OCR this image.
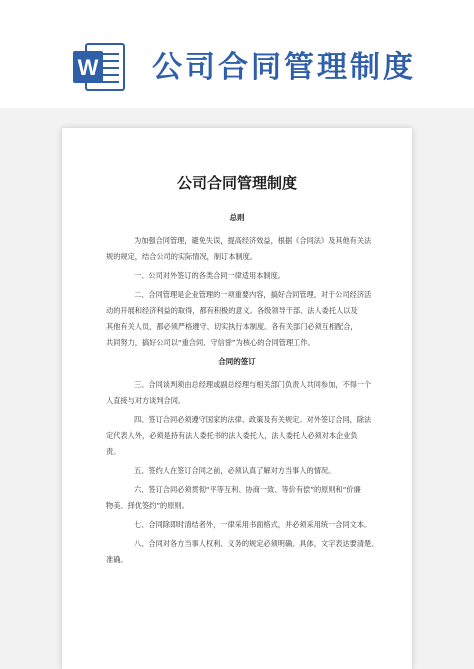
W 公司合同管理制度
公司合同管理制度
总则
为加强合同管理，避免失误，提高经济效益，根据《合同法》及其他有关法
规的规定，结合公司的实际情况，制订本制度。
一、公司对外签订的各类合同一律适用本制度。
二、合同管理是企业管理的一项重要内容，搞好合同管理，对于公司经济活
动的开展和经济利益的取得，都有积极的意义。各级领导干部、法人委托人以及
其他有关人员，都必须严格遵守、切实执行本制度。各有关部门必须互相配合，
共同努力，搞好公司以“重合同、守信誉”为核心的合同管理工作。
合同的签订
三、合同谈判须由总经理或副总经理与相关部门负责人共同参加，不得一个
人直接与对方谈判合同。
四、签订合同必须遵守国家的法律、政策及有关规定。对外签订合同，除法
定代表人外，必须是持有法人委托书的法人委托人，法人委托人必须对本企业负
责。
五、签约人在签订合同之前，必须认真了解对方当事人的情况。
六、签订合同必须贯彻“平等互利、协商一致、等价有偿”的原则和“价廉
物美、择优签约”的原则。
七、合同除即时清结者外，一律采用书面格式，并必须采用统一合同文本。
八、合同对各方当事人权利、义务的规定必须明确、具体，文字表达要清楚、
准确。
